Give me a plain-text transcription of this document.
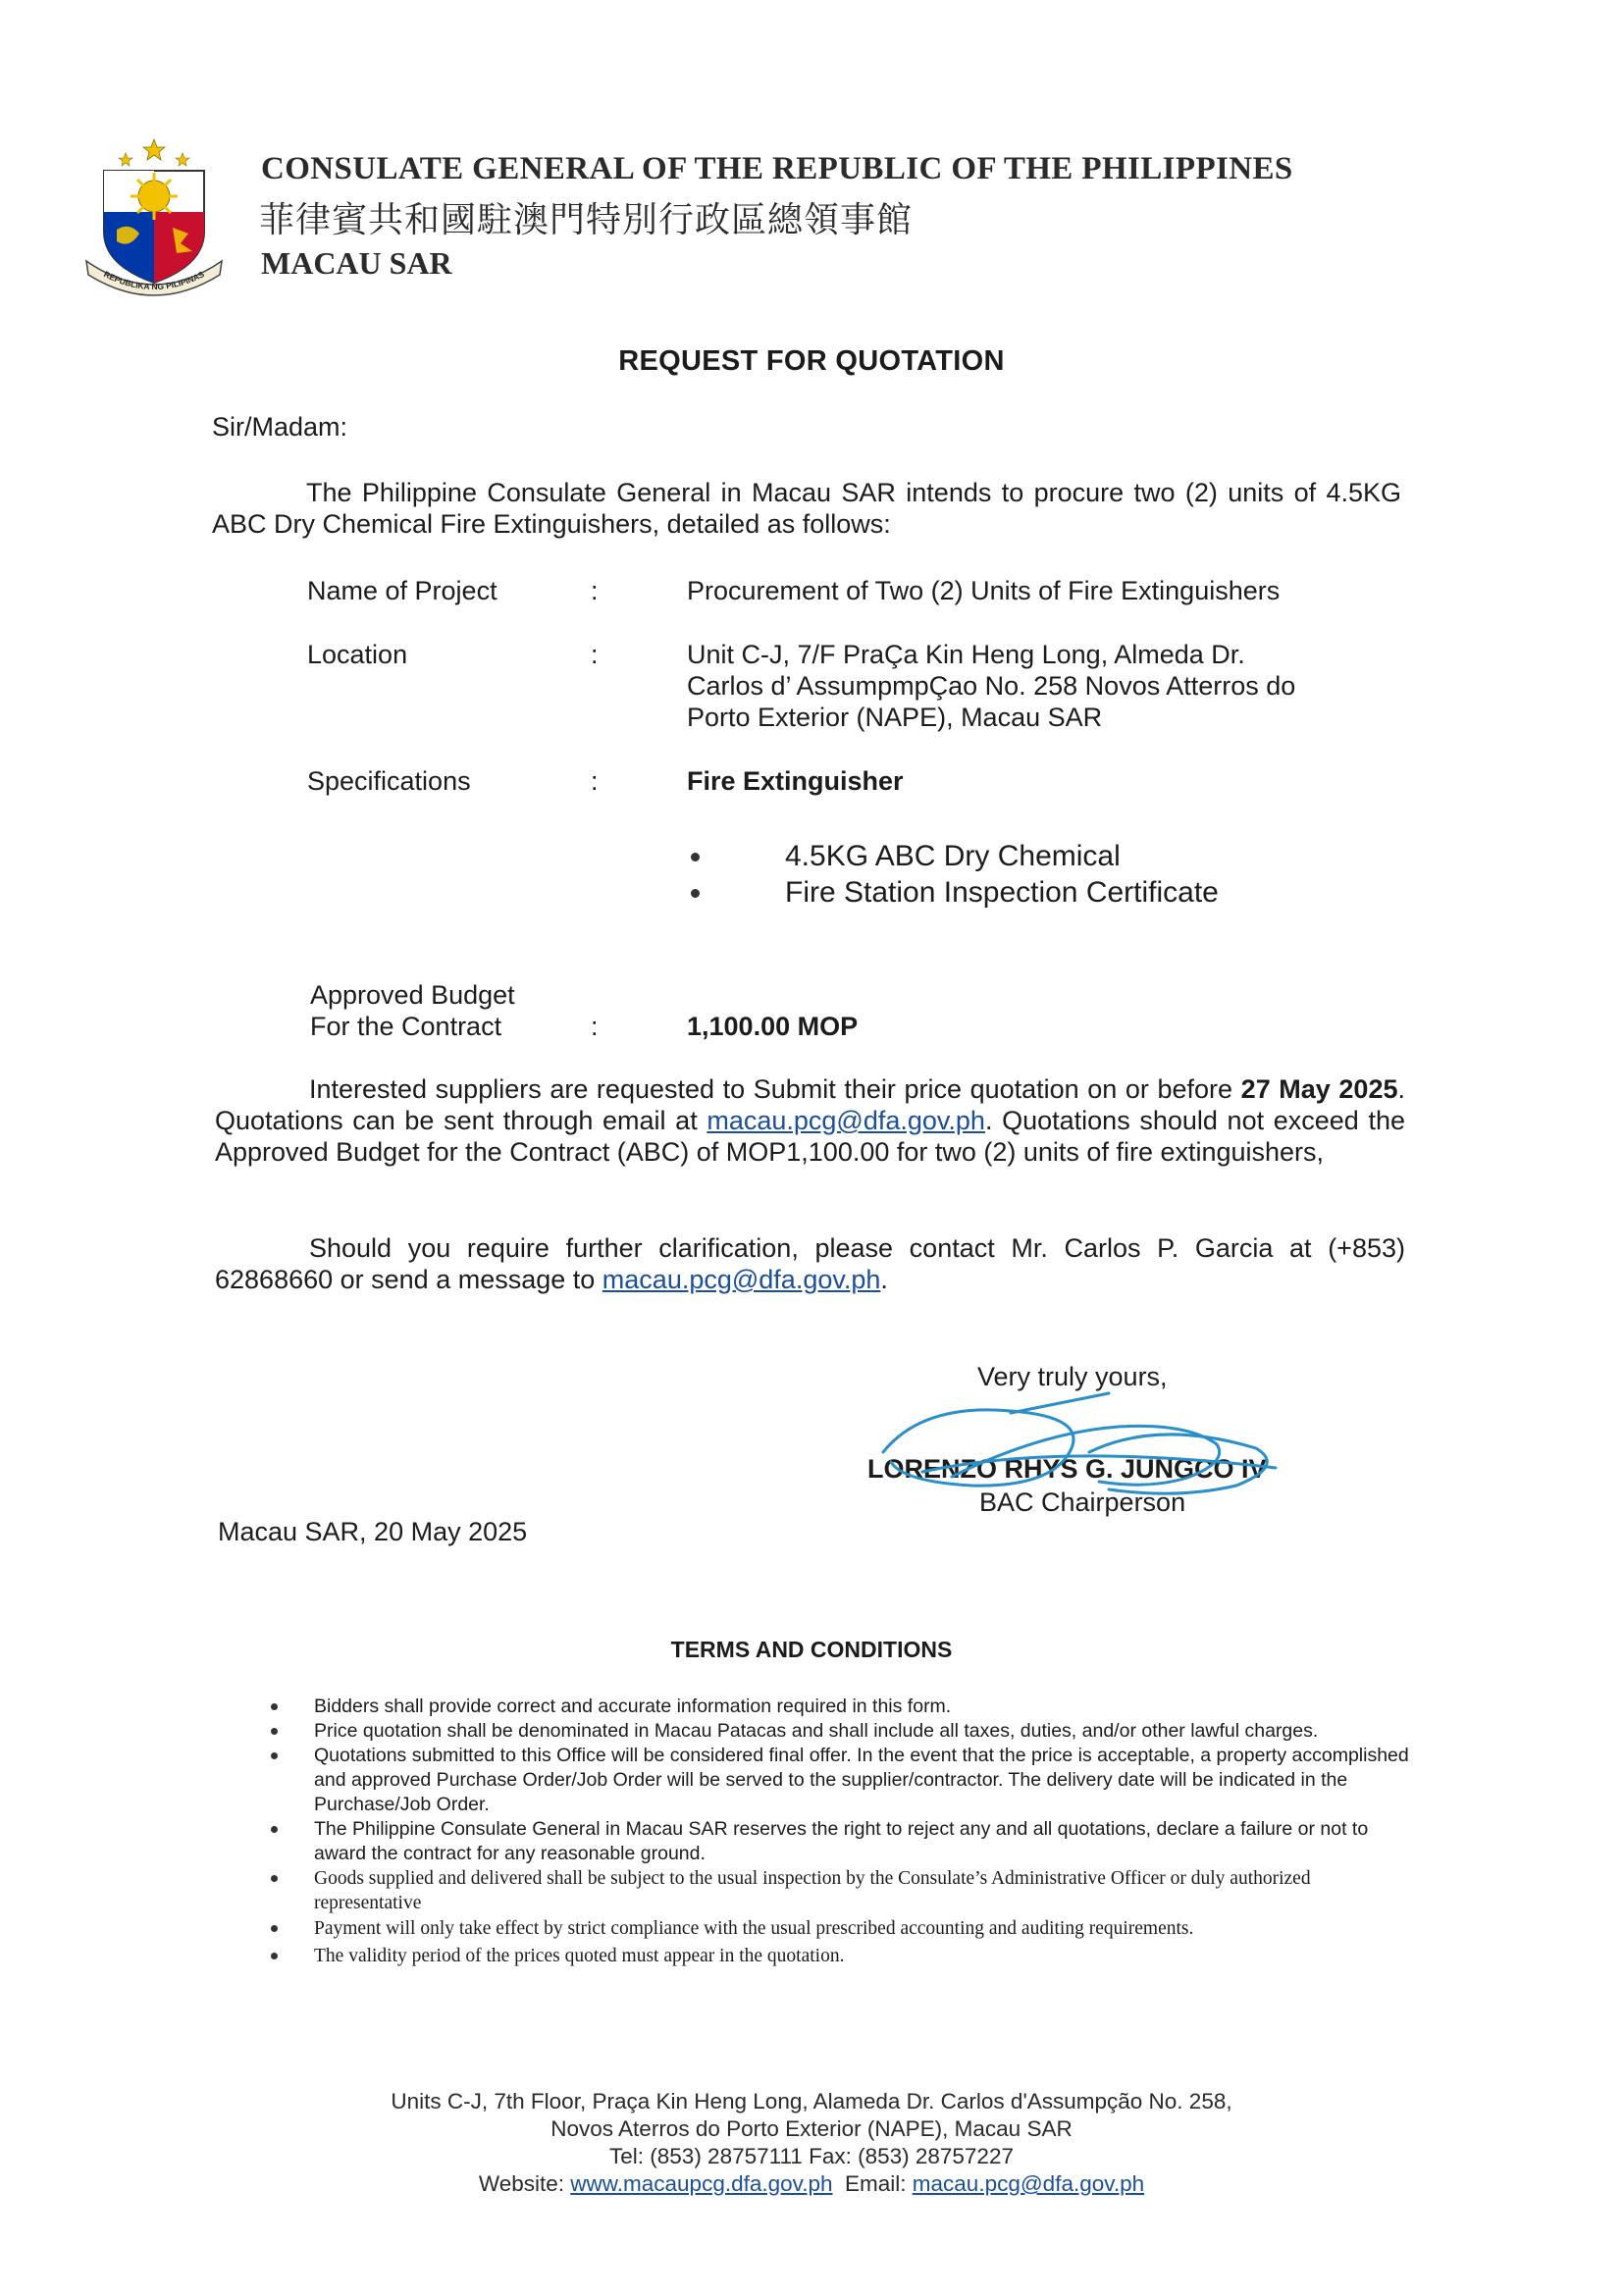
REPUBLIKA NG PILIPINAS
CONSULATE GENERAL OF THE REPUBLIC OF THE PHILIPPINES
菲律賓共和國駐澳門特別行政區總領事館
MACAU SAR
REQUEST FOR QUOTATION
Sir/Madam:
The Philippine Consulate General in Macau SAR intends to procure two (2) units of 4.5KG ABC Dry Chemical Fire Extinguishers, detailed as follows:
Name of Project	:	Procurement of Two (2) Units of Fire Extinguishers
Location	:	Unit C-J, 7/F PraÇa Kin Heng Long, Almeda Dr.
Carlos d’ AssumpmpÇao No. 258 Novos Atterros do
Porto Exterior (NAPE), Macau SAR
Specifications	:	Fire Extinguisher
4.5KG ABC Dry Chemical
Fire Station Inspection Certificate
Approved Budget
For the Contract	:	1,100.00 MOP
Interested suppliers are requested to Submit their price quotation on or before 27 May 2025. Quotations can be sent through email at macau.pcg@dfa.gov.ph. Quotations should not exceed the Approved Budget for the Contract (ABC) of MOP1,100.00 for two (2) units of fire extinguishers,
Should you require further clarification, please contact Mr. Carlos P. Garcia at (+853) 62868660 or send a message to macau.pcg@dfa.gov.ph.
Very truly yours,
LORENZO RHYS G. JUNGCO IV
BAC Chairperson
Macau SAR, 20 May 2025
TERMS AND CONDITIONS
Bidders shall provide correct and accurate information required in this form.
Price quotation shall be denominated in Macau Patacas and shall include all taxes, duties, and/or other lawful charges.
Quotations submitted to this Office will be considered final offer. In the event that the price is acceptable, a property accomplished and approved Purchase Order/Job Order will be served to the supplier/contractor. The delivery date will be indicated in the Purchase/Job Order.
The Philippine Consulate General in Macau SAR reserves the right to reject any and all quotations, declare a failure or not to award the contract for any reasonable ground.
Goods supplied and delivered shall be subject to the usual inspection by the Consulate’s Administrative Officer or duly authorized representative
Payment will only take effect by strict compliance with the usual prescribed accounting and auditing requirements.
The validity period of the prices quoted must appear in the quotation.
Units C-J, 7th Floor, Praça Kin Heng Long, Alameda Dr. Carlos d'Assumpção No. 258,
Novos Aterros do Porto Exterior (NAPE), Macau SAR
Tel: (853) 28757111 Fax: (853) 28757227
Website: www.macaupcg.dfa.gov.ph  Email: macau.pcg@dfa.gov.ph
